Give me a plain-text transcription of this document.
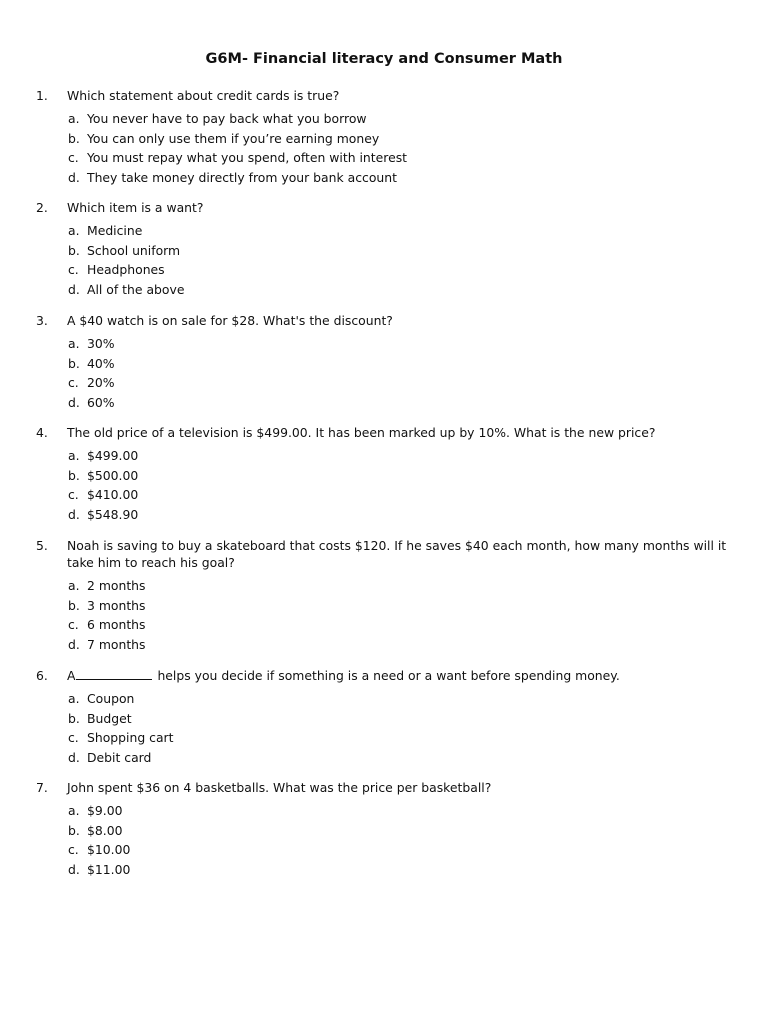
G6M- Financial literacy and Consumer Math
1. Which statement about credit cards is true?
a. You never have to pay back what you borrow
b. You can only use them if you’re earning money
c. You must repay what you spend, often with interest
d. They take money directly from your bank account
2. Which item is a want?
a. Medicine
b. School uniform
c. Headphones
d. All of the above
3. A $40 watch is on sale for $28. What's the discount?
a. 30%
b. 40%
c. 20%
d. 60%
4. The old price of a television is $499.00. It has been marked up by 10%. What is the new price?
a. $499.00
b. $500.00
c. $410.00
d. $548.90
5. Noah is saving to buy a skateboard that costs $120. If he saves $40 each month, how many months will it take him to reach his goal?
a. 2 months
b. 3 months
c. 6 months
d. 7 months
6. A	helps you decide if something is a need or a want before spending money.
a. Coupon
b. Budget
c. Shopping cart
d. Debit card
7. John spent $36 on 4 basketballs. What was the price per basketball?
a. $9.00
b. $8.00
c. $10.00
d. $11.00
